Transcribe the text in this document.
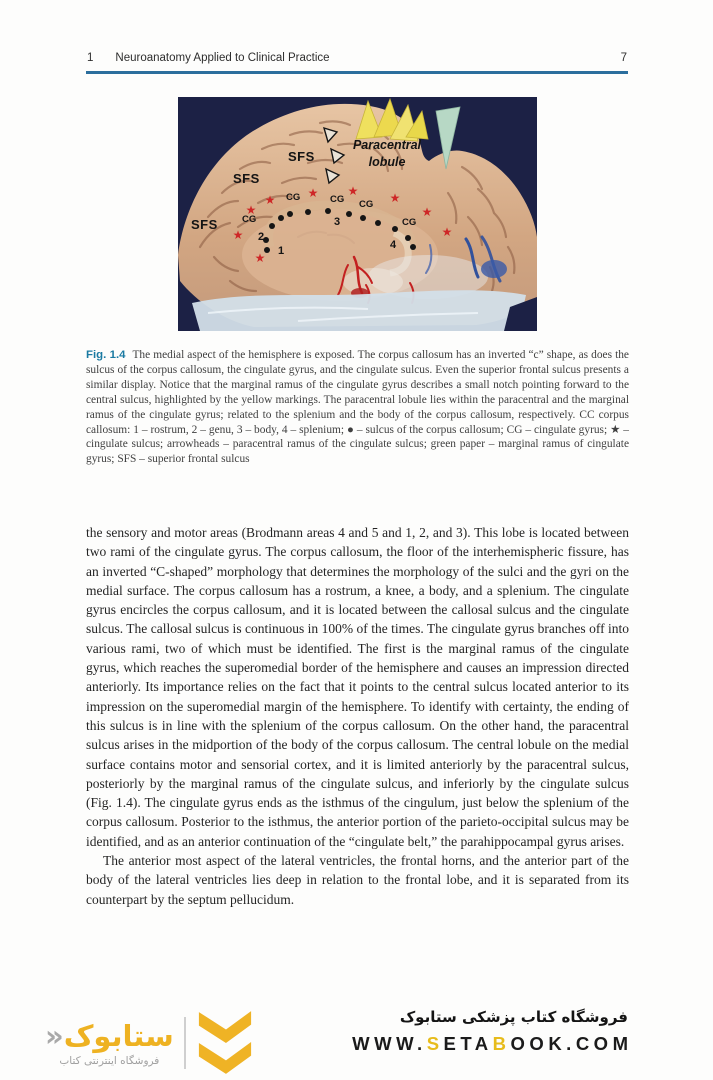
1 Neuroanatomy Applied to Clinical Practice	7
★
★
★	★ ★	★
★
★
★
SFS
SFS
SFS
Paracentral lobule
CG	CG CG
CG	CG
1
2
3
4

Fig. 1.4 The medial aspect of the hemisphere is exposed. The corpus callosum has an inverted “c” shape, as does the sulcus of the corpus callosum, the cingulate gyrus, and the cingulate sulcus. Even the superior frontal sulcus presents a similar display. Notice that the marginal ramus of the cingulate gyrus describes a small notch pointing forward to the central sulcus, highlighted by the yellow markings. The paracentral lobule lies within the paracentral and the marginal ramus of the cingulate gyrus; related to the splenium and the body of the corpus callosum, respectively. CC corpus callosum: 1 – rostrum, 2 – genu, 3 – body, 4 – splenium; ● – sulcus of the corpus callosum; CG – cingulate gyrus; ★ – cingulate sulcus; arrowheads – paracentral ramus of the cingulate sulcus; green paper – marginal ramus of cingulate gyrus; SFS – superior frontal sulcus

the sensory and motor areas (Brodmann areas 4 and 5 and 1, 2, and 3). This lobe is located between two rami of the cingulate gyrus. The corpus callosum, the floor of the interhemispheric fissure, has an inverted “C-shaped” morphology that determines the morphology of the sulci and the gyri on the medial surface. The corpus callosum has a rostrum, a knee, a body, and a splenium. The cingulate gyrus encircles the corpus callosum, and it is located between the callosal sulcus and the cingulate sulcus. The callosal sulcus is continuous in 100% of the times. The cingulate gyrus branches off into various rami, two of which must be identified. The first is the marginal ramus of the cingulate gyrus, which reaches the superomedial border of the hemisphere and causes an impression directed anteriorly. Its importance relies on the fact that it points to the central sulcus located anterior to its impression on the superomedial margin of the hemisphere. To identify with certainty, the ending of this sulcus is in line with the splenium of the corpus callosum. On the other hand, the paracentral sulcus arises in the midportion of the body of the corpus callosum. The central lobule on the medial surface contains motor and sensorial cortex, and it is limited anteriorly by the paracentral sulcus, posteriorly by the marginal ramus of the cingulate sulcus, and inferiorly by the cingulate sulcus (Fig. 1.4). The cingulate gyrus ends as the isthmus of the cingulum, just below the splenium of the corpus callosum. Posterior to the isthmus, the anterior portion of the parieto-occipital sulcus may be identified, and as an anterior continuation of the “cingulate belt,” the parahippocampal gyrus arises.

The anterior most aspect of the lateral ventricles, the frontal horns, and the anterior part of the body of the lateral ventricles lies deep in relation to the frontal lobe, and it is separated from its counterpart by the septum pellucidum.

ستابوک«
فروشگاه اینترنتی کتاب
فروشگاه کتاب پزشکی ستابوک
WWW.SETABOOK.COM
